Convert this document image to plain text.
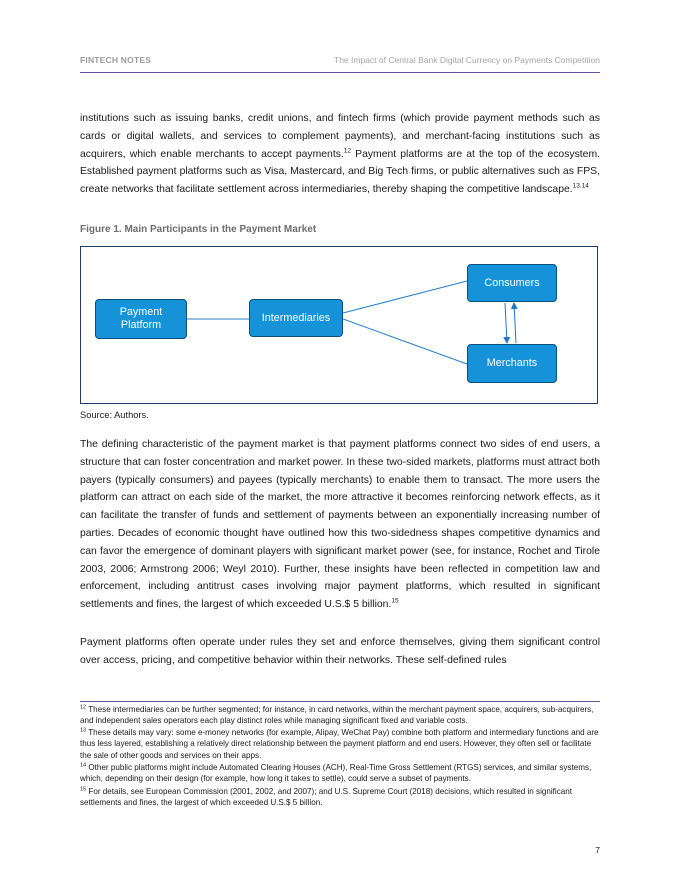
FINTECH NOTES	The Impact of Central Bank Digital Currency on Payments Competition

institutions such as issuing banks, credit unions, and fintech firms (which provide payment methods such as cards or digital wallets, and services to complement payments), and merchant-facing institutions such as acquirers, which enable merchants to accept payments.$^{12}$ Payment platforms are at the top of the ecosystem. Established payment platforms such as Visa, Mastercard, and Big Tech firms, or public alternatives such as FPS, create networks that facilitate settlement across intermediaries, thereby shaping the competitive landscape.$^{13,14}$

Figure 1. Main Participants in the Payment Market
Payment
Platform
Intermediaries
Consumers
Merchants
Source: Authors.

The defining characteristic of the payment market is that payment platforms connect two sides of end users, a structure that can foster concentration and market power. In these two-sided markets, platforms must attract both payers (typically consumers) and payees (typically merchants) to enable them to transact. The more users the platform can attract on each side of the market, the more attractive it becomes reinforcing network effects, as it can facilitate the transfer of funds and settlement of payments between an exponentially increasing number of parties. Decades of economic thought have outlined how this two-sidedness shapes competitive dynamics and can favor the emergence of dominant players with significant market power (see, for instance, Rochet and Tirole 2003, 2006; Armstrong 2006; Weyl 2010). Further, these insights have been reflected in competition law and enforcement, including antitrust cases involving major payment platforms, which resulted in significant settlements and fines, the largest of which exceeded U.S.$ 5 billion.$^{15}$

Payment platforms often operate under rules they set and enforce themselves, giving them significant control over access, pricing, and competitive behavior within their networks. These self-defined rules

$^{12}$ These intermediaries can be further segmented; for instance, in card networks, within the merchant payment space, acquirers, sub-acquirers, and independent sales operators each play distinct roles while managing significant fixed and variable costs.

$^{13}$ These details may vary: some e-money networks (for example, Alipay, WeChat Pay) combine both platform and intermediary functions and are thus less layered, establishing a relatively direct relationship between the payment platform and end users. However, they often sell or facilitate the sale of other goods and services on their apps.

$^{14}$ Other public platforms might include Automated Clearing Houses (ACH), Real-Time Gross Settlement (RTGS) services, and similar systems, which, depending on their design (for example, how long it takes to settle), could serve a subset of payments.

$^{15}$ For details, see European Commission (2001, 2002, and 2007); and U.S. Supreme Court (2018) decisions, which resulted in significant settlements and fines, the largest of which exceeded U.S.$ 5 billion.

7
